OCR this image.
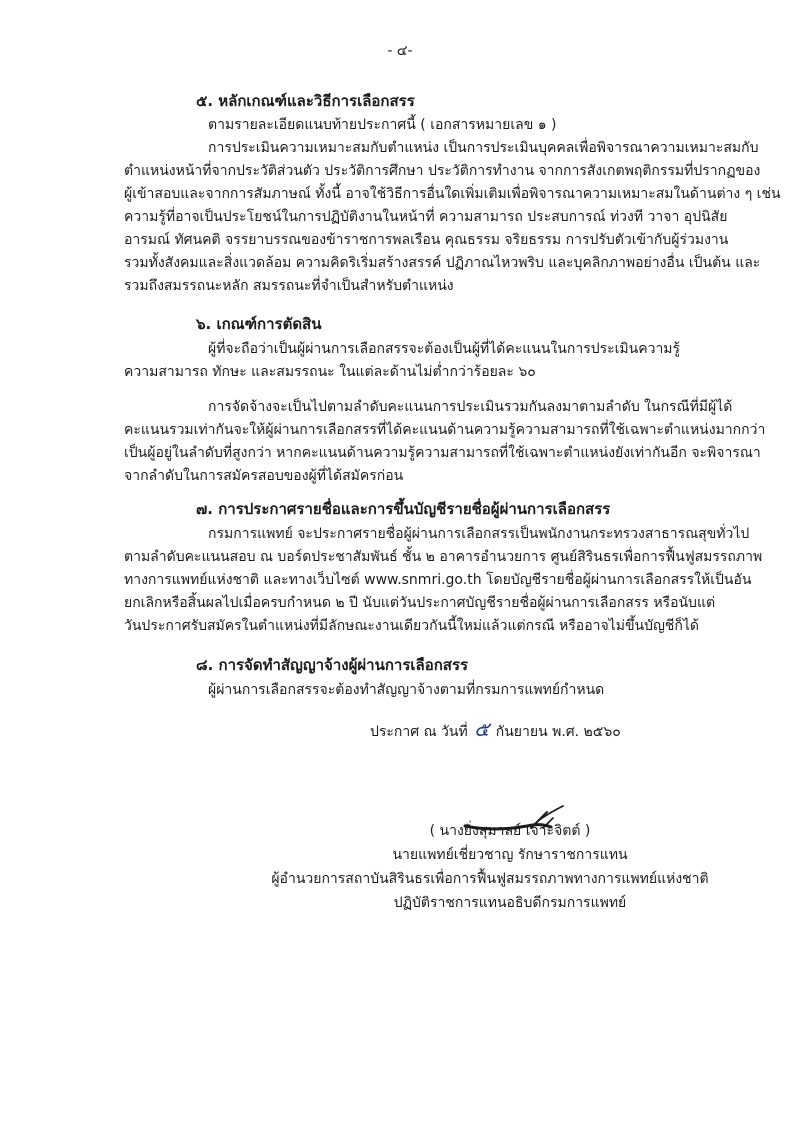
- ๔-
๕. หลักเกณฑ์และวิธีการเลือกสรร
ตามรายละเอียดแนบท้ายประกาศนี้ ( เอกสารหมายเลข ๑ )
การประเมินความเหมาะสมกับตำแหน่ง เป็นการประเมินบุคคลเพื่อพิจารณาความเหมาะสมกับ
ตำแหน่งหน้าที่จากประวัติส่วนตัว ประวัติการศึกษา ประวัติการทำงาน จากการสังเกตพฤติกรรมที่ปรากฏของ
ผู้เข้าสอบและจากการสัมภาษณ์ ทั้งนี้ อาจใช้วิธีการอื่นใดเพิ่มเติมเพื่อพิจารณาความเหมาะสมในด้านต่าง ๆ เช่น
ความรู้ที่อาจเป็นประโยชน์ในการปฏิบัติงานในหน้าที่ ความสามารถ ประสบการณ์ ท่วงที วาจา อุปนิสัย
อารมณ์ ทัศนคติ จรรยาบรรณของข้าราชการพลเรือน คุณธรรม จริยธรรม การปรับตัวเข้ากับผู้ร่วมงาน
รวมทั้งสังคมและสิ่งแวดล้อม ความคิดริเริ่มสร้างสรรค์ ปฏิภาณไหวพริบ และบุคลิกภาพอย่างอื่น เป็นต้น และ
รวมถึงสมรรถนะหลัก สมรรถนะที่จำเป็นสำหรับตำแหน่ง
๖. เกณฑ์การตัดสิน
ผู้ที่จะถือว่าเป็นผู้ผ่านการเลือกสรรจะต้องเป็นผู้ที่ได้คะแนนในการประเมินความรู้
ความสามารถ ทักษะ และสมรรถนะ ในแต่ละด้านไม่ต่ำกว่าร้อยละ ๖๐
การจัดจ้างจะเป็นไปตามลำดับคะแนนการประเมินรวมกันลงมาตามลำดับ ในกรณีที่มีผู้ได้
คะแนนรวมเท่ากันจะให้ผู้ผ่านการเลือกสรรที่ได้คะแนนด้านความรู้ความสามารถที่ใช้เฉพาะตำแหน่งมากกว่า
เป็นผู้อยู่ในลำดับที่สูงกว่า หากคะแนนด้านความรู้ความสามารถที่ใช้เฉพาะตำแหน่งยังเท่ากันอีก จะพิจารณา
จากลำดับในการสมัครสอบของผู้ที่ได้สมัครก่อน
๗. การประกาศรายชื่อและการขึ้นบัญชีรายชื่อผู้ผ่านการเลือกสรร
กรมการแพทย์ จะประกาศรายชื่อผู้ผ่านการเลือกสรรเป็นพนักงานกระทรวงสาธารณสุขทั่วไป
ตามลำดับคะแนนสอบ ณ บอร์ดประชาสัมพันธ์ ชั้น ๒ อาคารอำนวยการ ศูนย์สิรินธรเพื่อการฟื้นฟูสมรรถภาพ
ทางการแพทย์แห่งชาติ และทางเว็บไซต์ www.snmri.go.th โดยบัญชีรายชื่อผู้ผ่านการเลือกสรรให้เป็นอัน
ยกเลิกหรือสิ้นผลไปเมื่อครบกำหนด ๒ ปี นับแต่วันประกาศบัญชีรายชื่อผู้ผ่านการเลือกสรร หรือนับแต่
วันประกาศรับสมัครในตำแหน่งที่มีลักษณะงานเดียวกันนี้ใหม่แล้วแต่กรณี หรืออาจไม่ขึ้นบัญชีก็ได้
๘. การจัดทำสัญญาจ้างผู้ผ่านการเลือกสรร
ผู้ผ่านการเลือกสรรจะต้องทำสัญญาจ้างตามที่กรมการแพทย์กำหนด
ประกาศ ณ วันที่ ๕ กันยายน พ.ศ. ๒๕๖๐
( นางยิ่งสุมาลย์ เจาะจิตต์ )
นายแพทย์เชี่ยวชาญ รักษาราชการแทน
ผู้อำนวยการสถาบันสิรินธรเพื่อการฟื้นฟูสมรรถภาพทางการแพทย์แห่งชาติ
ปฏิบัติราชการแทนอธิบดีกรมการแพทย์
